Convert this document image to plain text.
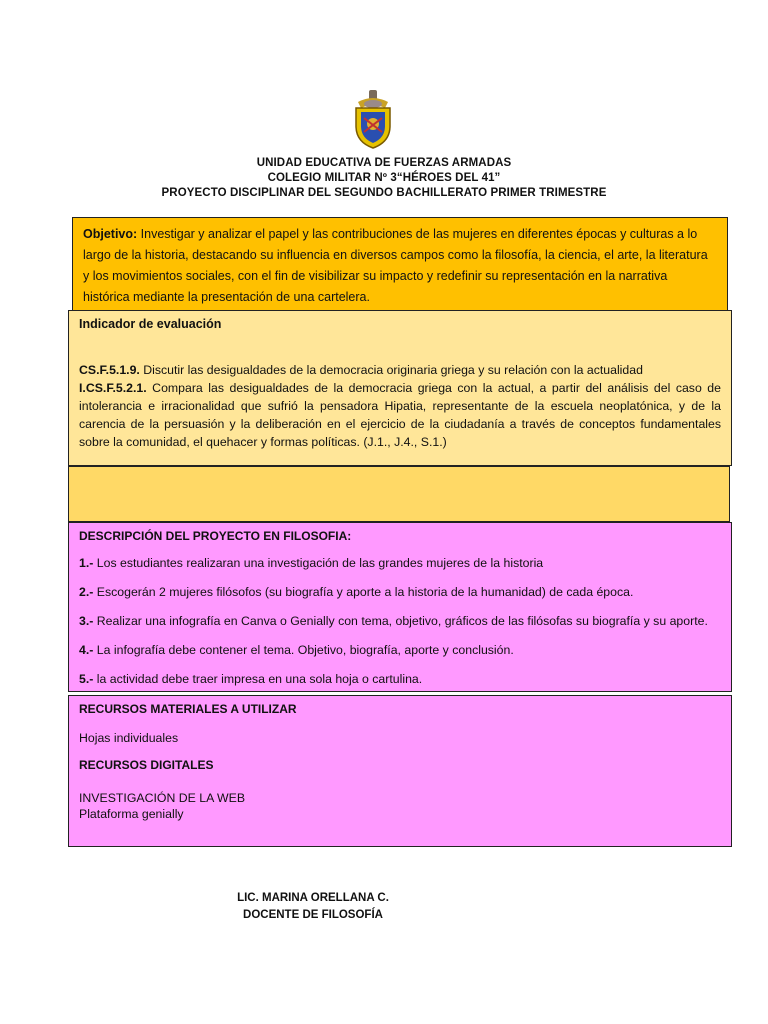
UNIDAD EDUCATIVA DE FUERZAS ARMADAS
COLEGIO MILITAR Nº 3“HÉROES DEL 41”
PROYECTO DISCIPLINAR DEL SEGUNDO BACHILLERATO PRIMER TRIMESTRE

Objetivo: Investigar y analizar el papel y las contribuciones de las mujeres en diferentes épocas y culturas a lo largo de la historia, destacando su influencia en diversos campos como la filosofía, la ciencia, el arte, la literatura y los movimientos sociales, con el fin de visibilizar su impacto y redefinir su representación en la narrativa histórica mediante la presentación de una cartelera.

Indicador de evaluación

CS.F.5.1.9. Discutir las desigualdades de la democracia originaria griega y su relación con la actualidad
I.CS.F.5.2.1. Compara las desigualdades de la democracia griega con la actual, a partir del análisis del caso de intolerancia e irracionalidad que sufrió la pensadora Hipatia, representante de la escuela neoplatónica, y de la carencia de la persuasión y la deliberación en el ejercicio de la ciudadanía a través de conceptos fundamentales sobre la comunidad, el quehacer y formas políticas. (J.1., J.4., S.1.)

DESCRIPCIÓN DEL PROYECTO EN FILOSOFIA:
1.- Los estudiantes realizaran una investigación de las grandes mujeres de la historia
2.- Escogerán 2 mujeres filósofos (su biografía y aporte a la historia de la humanidad) de cada época.
3.- Realizar una infografía en Canva o Genially con tema, objetivo, gráficos de las filósofas su biografía y su aporte.
4.- La infografía debe contener el tema. Objetivo, biografía, aporte y conclusión.
5.- la actividad debe traer impresa en una sola hoja o cartulina.
RECURSOS MATERIALES A UTILIZAR
Hojas individuales
RECURSOS DIGITALES
INVESTIGACIÓN DE LA WEB
Plataforma genially
LIC. MARINA ORELLANA C.
DOCENTE DE FILOSOFÍA
